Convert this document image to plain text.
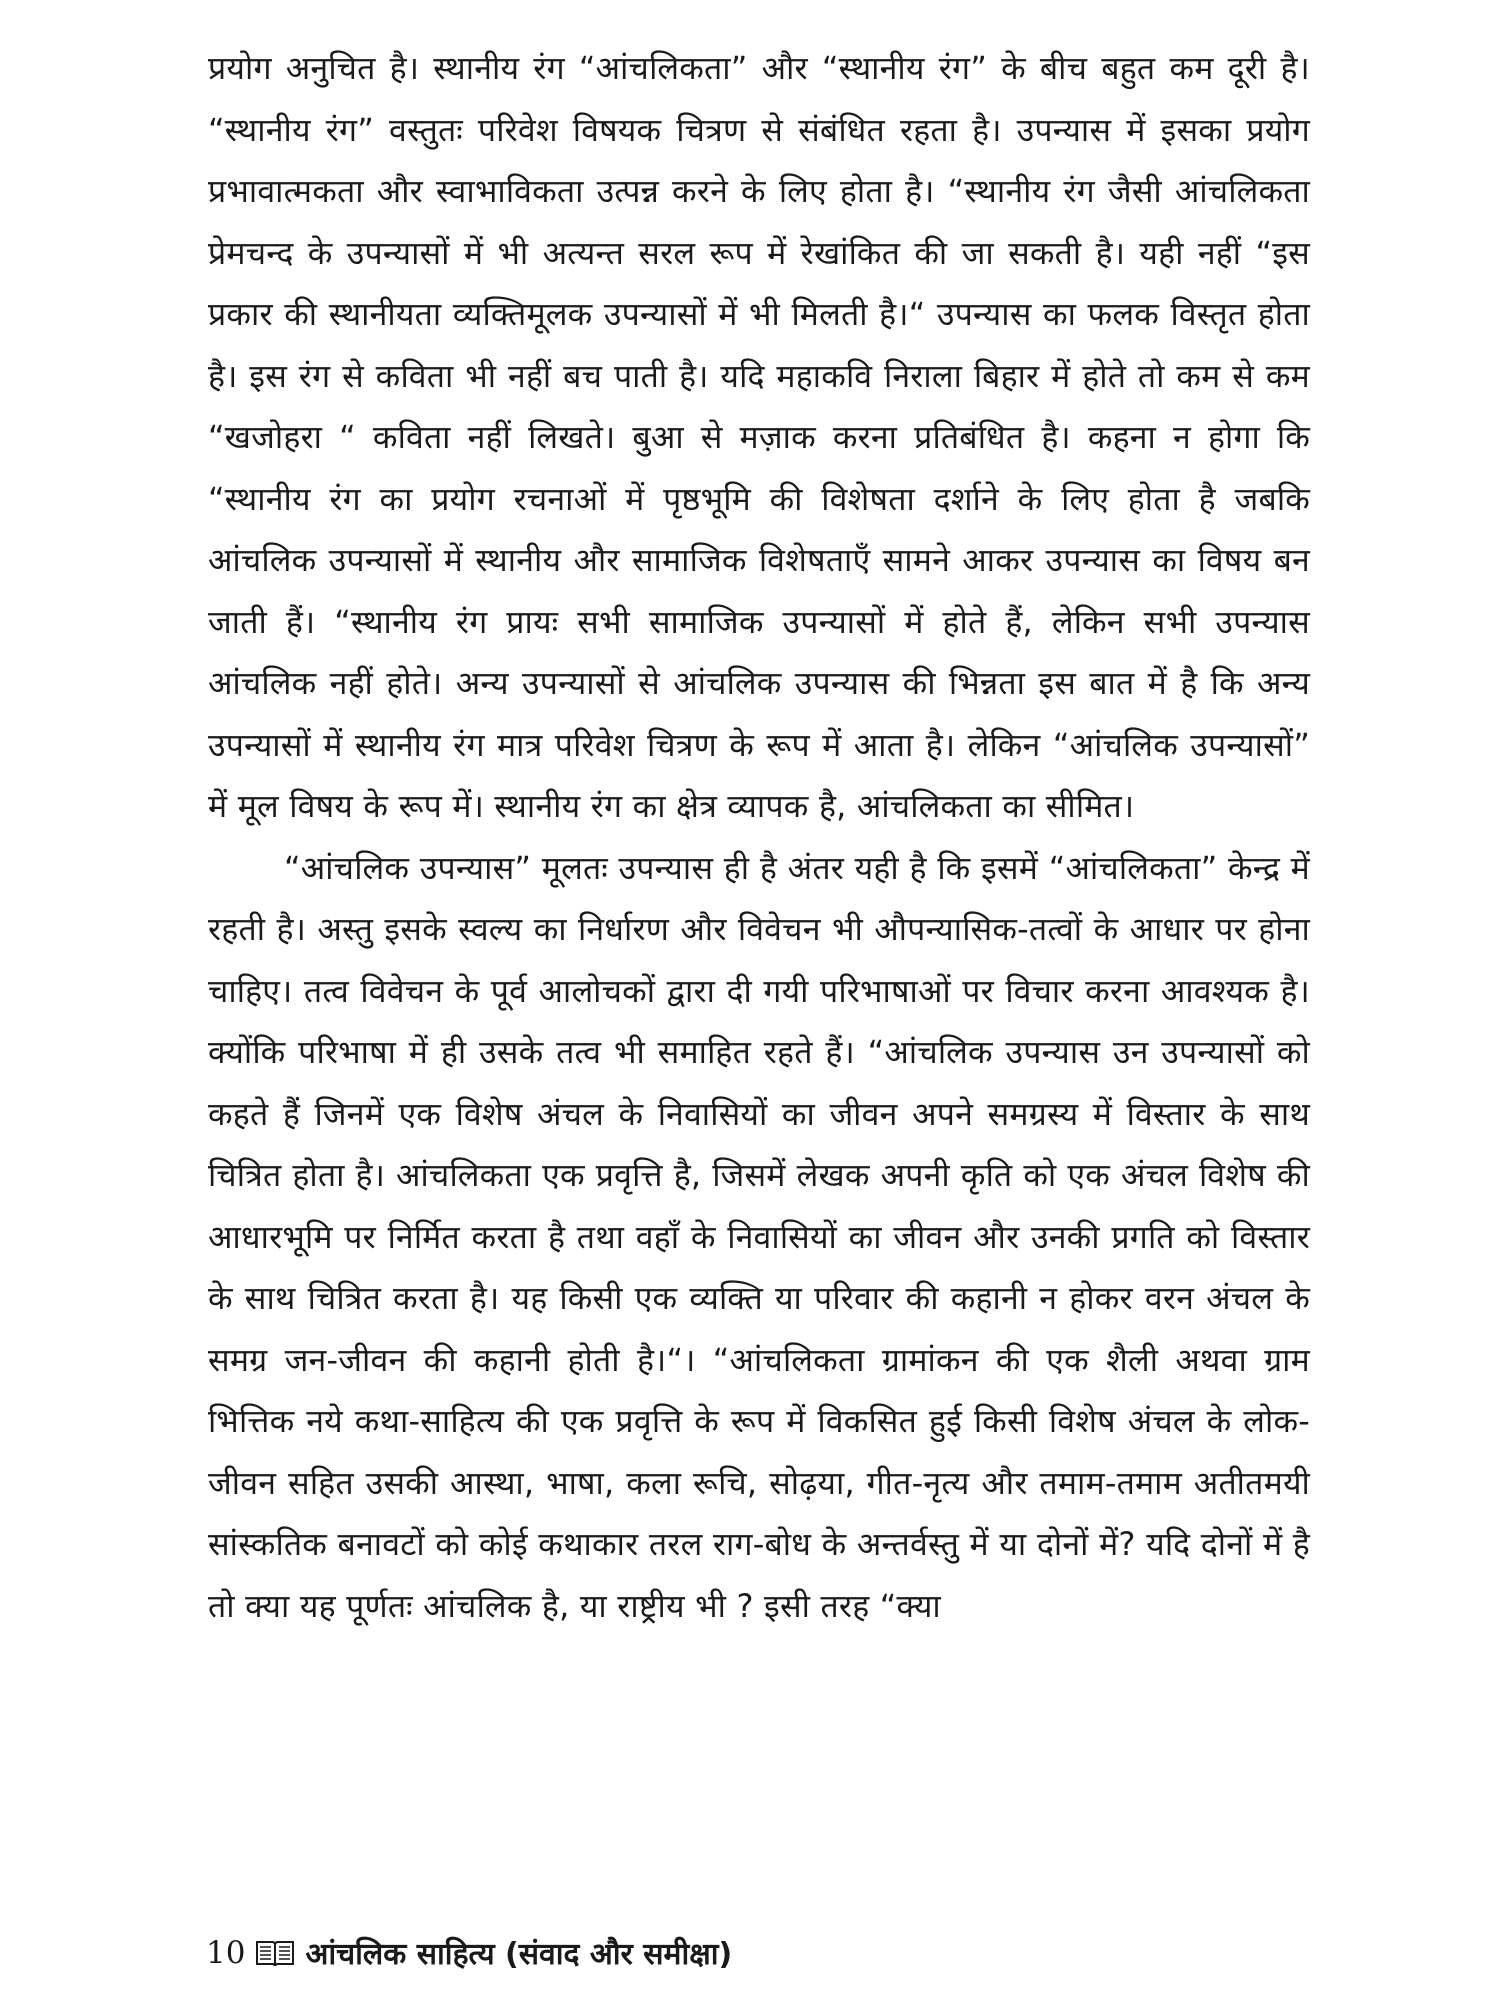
प्रयोग अनुचित है। स्थानीय रंग “आंचलिकता” और “स्थानीय रंग” के बीच बहुत कम दूरी है। “स्थानीय रंग” वस्तुतः परिवेश विषयक चित्रण से संबंधित रहता है। उपन्यास में इसका प्रयोग प्रभावात्मकता और स्वाभाविकता उत्पन्न करने के लिए होता है। “स्थानीय रंग जैसी आंचलिकता प्रेमचन्द के उपन्यासों में भी अत्यन्त सरल रूप में रेखांकित की जा सकती है। यही नहीं “इस प्रकार की स्थानीयता व्यक्तिमूलक उपन्यासों में भी मिलती है।“ उपन्यास का फलक विस्तृत होता है। इस रंग से कविता भी नहीं बच पाती है। यदि महाकवि निराला बिहार में होते तो कम से कम “खजोहरा “ कविता नहीं लिखते। बुआ से मज़ाक करना प्रतिबंधित है। कहना न होगा कि “स्थानीय रंग का प्रयोग रचनाओं में पृष्ठभूमि की विशेषता दर्शाने के लिए होता है जबकि आंचलिक उपन्यासों में स्थानीय और सामाजिक विशेषताएँ सामने आकर उपन्यास का विषय बन जाती हैं। “स्थानीय रंग प्रायः सभी सामाजिक उपन्यासों में होते हैं, लेकिन सभी उपन्यास आंचलिक नहीं होते। अन्य उपन्यासों से आंचलिक उपन्यास की भिन्नता इस बात में है कि अन्य उपन्यासों में स्थानीय रंग मात्र परिवेश चित्रण के रूप में आता है। लेकिन “आंचलिक उपन्यासों” में मूल विषय के रूप में। स्थानीय रंग का क्षेत्र व्यापक है, आंचलिकता का सीमित।

“आंचलिक उपन्यास” मूलतः उपन्यास ही है अंतर यही है कि इसमें “आंचलिकता” केन्द्र में रहती है। अस्तु इसके स्वल्य का निर्धारण और विवेचन भी औपन्यासिक-तत्वों के आधार पर होना चाहिए। तत्व विवेचन के पूर्व आलोचकों द्वारा दी गयी परिभाषाओं पर विचार करना आवश्यक है। क्योंकि परिभाषा में ही उसके तत्व भी समाहित रहते हैं। “आंचलिक उपन्यास उन उपन्यासों को कहते हैं जिनमें एक विशेष अंचल के निवासियों का जीवन अपने समग्रस्य में विस्तार के साथ चित्रित होता है। आंचलिकता एक प्रवृत्ति है, जिसमें लेखक अपनी कृति को एक अंचल विशेष की आधारभूमि पर निर्मित करता है तथा वहाँ के निवासियों का जीवन और उनकी प्रगति को विस्तार के साथ चित्रित करता है। यह किसी एक व्यक्ति या परिवार की कहानी न होकर वरन अंचल के समग्र जन-जीवन की कहानी होती है।“। “आंचलिकता ग्रामांकन की एक शैली अथवा ग्राम भित्तिक नये कथा-साहित्य की एक प्रवृत्ति के रूप में विकसित हुई किसी विशेष अंचल के लोक-जीवन सहित उसकी आस्था, भाषा, कला रूचि, सोढ़या, गीत-नृत्य और तमाम-तमाम अतीतमयी सांस्कतिक बनावटों को कोई कथाकार तरल राग-बोध के अन्तर्वस्तु में या दोनों में? यदि दोनों में है तो क्या यह पूर्णतः आंचलिक है, या राष्ट्रीय भी ? इसी तरह “क्या

10 आंचलिक साहित्य (संवाद और समीक्षा)
